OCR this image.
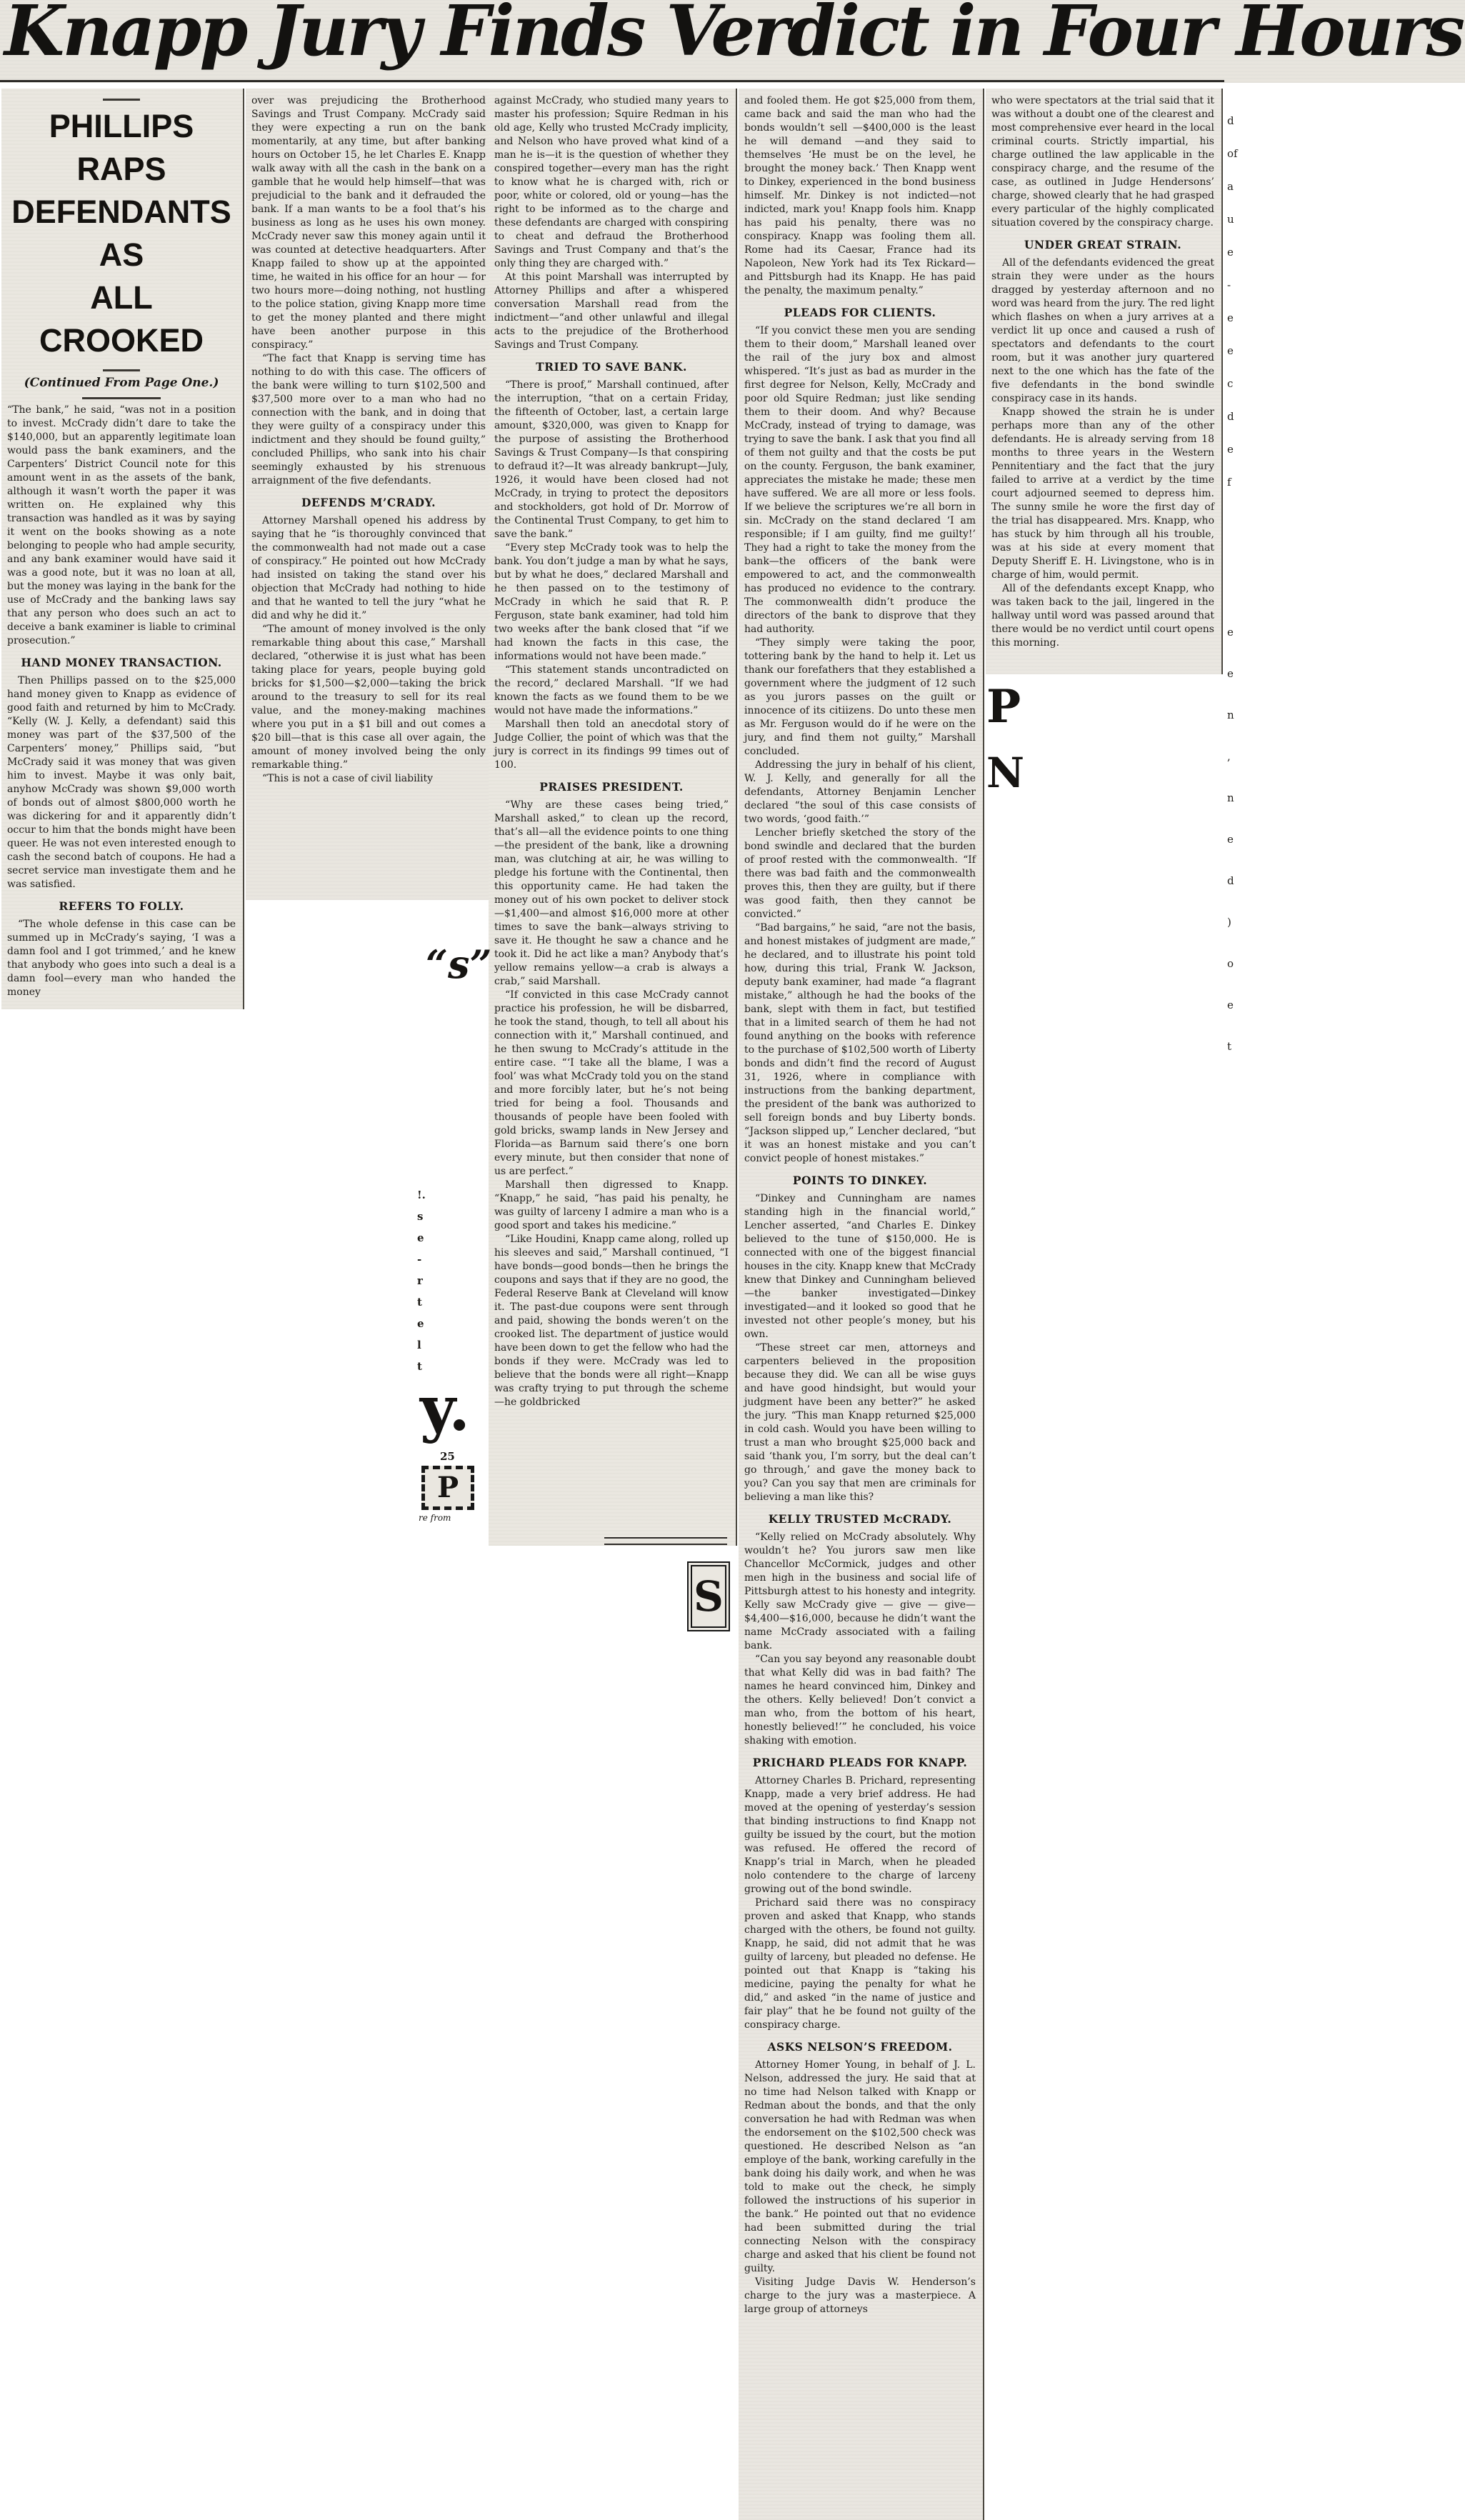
Knapp Jury Finds Verdict in Four Hours
PHILLIPS RAPS
DEFENDANTS AS
ALL CROOKED
(Continued From Page One.)

“The bank,” he said, “was not in a position to invest. McCrady didn’t dare to take the $140,000, but an apparently legitimate loan would pass the bank examiners, and the Carpenters’ District Council note for this amount went in as the assets of the bank, although it wasn’t worth the paper it was written on. He explained why this transaction was handled as it was by saying it went on the books showing as a note belonging to people who had ample security, and any bank examiner would have said it was a good note, but it was no loan at all, but the money was laying in the bank for the use of McCrady and the banking laws say that any person who does such an act to deceive a bank examiner is liable to criminal prosecution.”

HAND MONEY TRANSACTION.

Then Phillips passed on to the $25,000 hand money given to Knapp as evidence of good faith and returned by him to McCrady. “Kelly (W. J. Kelly, a defendant) said this money was part of the $37,500 of the Carpenters’ money,” Phillips said, “but McCrady said it was money that was given him to invest. Maybe it was only bait, anyhow McCrady was shown $9,000 worth of bonds out of almost $800,000 worth he was dickering for and it apparently didn’t occur to him that the bonds might have been queer. He was not even interested enough to cash the second batch of coupons. He had a secret service man investigate them and he was satisfied.

REFERS TO FOLLY.

“The whole defense in this case can be summed up in McCrady’s saying, ‘I was a damn fool and I got trimmed,’ and he knew that anybody who goes into such a deal is a damn fool—every man who handed the money

over was prejudicing the Brotherhood Savings and Trust Company. McCrady said they were expecting a run on the bank momentarily, at any time, but after banking hours on October 15, he let Charles E. Knapp walk away with all the cash in the bank on a gamble that he would help himself—that was prejudicial to the bank and it defrauded the bank. If a man wants to be a fool that’s his business as long as he uses his own money. McCrady never saw this money again until it was counted at detective headquarters. After Knapp failed to show up at the appointed time, he waited in his office for an hour — for two hours more—doing nothing, not hustling to the police station, giving Knapp more time to get the money planted and there might have been another purpose in this conspiracy.”

“The fact that Knapp is serving time has nothing to do with this case. The officers of the bank were willing to turn $102,500 and $37,500 more over to a man who had no connection with the bank, and in doing that they were guilty of a conspiracy under this indictment and they should be found guilty,” concluded Phillips, who sank into his chair seemingly exhausted by his strenuous arraignment of the five defendants.

DEFENDS M’CRADY.

Attorney Marshall opened his address by saying that he “is thoroughly convinced that the commonwealth had not made out a case of conspiracy.” He pointed out how McCrady had insisted on taking the stand over his objection that McCrady had nothing to hide and that he wanted to tell the jury “what he did and why he did it.”

“The amount of money involved is the only remarkable thing about this case,” Marshall declared, “otherwise it is just what has been taking place for years, people buying gold bricks for $1,500—$2,000—taking the brick around to the treasury to sell for its real value, and the money-making machines where you put in a $1 bill and out comes a $20 bill—that is this case all over again, the amount of money involved being the only remarkable thing.”

“This is not a case of civil liability

against McCrady, who studied many years to master his profession; Squire Redman in his old age, Kelly who trusted McCrady implicity, and Nelson who have proved what kind of a man he is—it is the question of whether they conspired together—every man has the right to know what he is charged with, rich or poor, white or colored, old or young—has the right to be informed as to the charge and these defendants are charged with conspiring to cheat and defraud the Brotherhood Savings and Trust Company and that’s the only thing they are charged with.”

At this point Marshall was interrupted by Attorney Phillips and after a whispered conversation Marshall read from the indictment—“and other unlawful and illegal acts to the prejudice of the Brotherhood Savings and Trust Company.

TRIED TO SAVE BANK.

“There is proof,” Marshall continued, after the interruption, “that on a certain Friday, the fifteenth of October, last, a certain large amount, $320,000, was given to Knapp for the purpose of assisting the Brotherhood Savings & Trust Company—Is that conspiring to defraud it?—It was already bankrupt—July, 1926, it would have been closed had not McCrady, in trying to protect the depositors and stockholders, got hold of Dr. Morrow of the Continental Trust Company, to get him to save the bank.”

“Every step McCrady took was to help the bank. You don’t judge a man by what he says, but by what he does,” declared Marshall and he then passed on to the testimony of McCrady in which he said that R. P. Ferguson, state bank examiner, had told him two weeks after the bank closed that “if we had known the facts in this case, the informations would not have been made.”

“This statement stands uncontradicted on the record,” declared Marshall. “If we had known the facts as we found them to be we would not have made the informations.”

Marshall then told an anecdotal story of Judge Collier, the point of which was that the jury is correct in its findings 99 times out of 100.

PRAISES PRESIDENT.

“Why are these cases being tried,” Marshall asked,” to clean up the record, that’s all—all the evidence points to one thing—the president of the bank, like a drowning man, was clutching at air, he was willing to pledge his fortune with the Continental, then this opportunity came. He had taken the money out of his own pocket to deliver stock—$1,400—and almost $16,000 more at other times to save the bank—always striving to save it. He thought he saw a chance and he took it. Did he act like a man? Anybody that’s yellow remains yellow—a crab is always a crab,” said Marshall.

“If convicted in this case McCrady cannot practice his profession, he will be disbarred, he took the stand, though, to tell all about his connection with it,” Marshall continued, and he then swung to McCrady’s attitude in the entire case. “‘I take all the blame, I was a fool’ was what McCrady told you on the stand and more forcibly later, but he’s not being tried for being a fool. Thousands and thousands of people have been fooled with gold bricks, swamp lands in New Jersey and Florida—as Barnum said there’s one born every minute, but then consider that none of us are perfect.”

Marshall then digressed to Knapp. “Knapp,” he said, “has paid his penalty, he was guilty of larceny I admire a man who is a good sport and takes his medicine.”

“Like Houdini, Knapp came along, rolled up his sleeves and said,” Marshall continued, “I have bonds—good bonds—then he brings the coupons and says that if they are no good, the Federal Reserve Bank at Cleveland will know it. The past-due coupons were sent through and paid, showing the bonds weren’t on the crooked list. The department of justice would have been down to get the fellow who had the bonds if they were. McCrady was led to believe that the bonds were all right—Knapp was crafty trying to put through the scheme—he goldbricked

and fooled them. He got $25,000 from them, came back and said the man who had the bonds wouldn’t sell —$400,000 is the least he will demand —and they said to themselves ‘He must be on the level, he brought the money back.’ Then Knapp went to Dinkey, experienced in the bond business himself. Mr. Dinkey is not indicted—not indicted, mark you! Knapp fools him. Knapp has paid his penalty, there was no conspiracy. Knapp was fooling them all. Rome had its Caesar, France had its Napoleon, New York had its Tex Rickard—and Pittsburgh had its Knapp. He has paid the penalty, the maximum penalty.”

PLEADS FOR CLIENTS.

“If you convict these men you are sending them to their doom,” Marshall leaned over the rail of the jury box and almost whispered. “It’s just as bad as murder in the first degree for Nelson, Kelly, McCrady and poor old Squire Redman; just like sending them to their doom. And why? Because McCrady, instead of trying to damage, was trying to save the bank. I ask that you find all of them not guilty and that the costs be put on the county. Ferguson, the bank examiner, appreciates the mistake he made; these men have suffered. We are all more or less fools. If we believe the scriptures we’re all born in sin. McCrady on the stand declared ‘I am responsible; if I am guilty, find me guilty!’ They had a right to take the money from the bank—the officers of the bank were empowered to act, and the commonwealth has produced no evidence to the contrary. The commonwealth didn’t produce the directors of the bank to disprove that they had authority.

“They simply were taking the poor, tottering bank by the hand to help it. Let us thank our forefathers that they established a government where the judgment of 12 such as you jurors passes on the guilt or innocence of its citiizens. Do unto these men as Mr. Ferguson would do if he were on the jury, and find them not guilty,” Marshall concluded.

Addressing the jury in behalf of his client, W. J. Kelly, and generally for all the defendants, Attorney Benjamin Lencher declared “the soul of this case consists of two words, ‘good faith.’”

Lencher briefly sketched the story of the bond swindle and declared that the burden of proof rested with the commonwealth. “If there was bad faith and the commonwealth proves this, then they are guilty, but if there was good faith, then they cannot be convicted.”

“Bad bargains,” he said, “are not the basis, and honest mistakes of judgment are made,” he declared, and to illustrate his point told how, during this trial, Frank W. Jackson, deputy bank examiner, had made “a flagrant mistake,” although he had the books of the bank, slept with them in fact, but testified that in a limited search of them he had not found anything on the books with reference to the purchase of $102,500 worth of Liberty bonds and didn’t find the record of August 31, 1926, where in compliance with instructions from the banking department, the president of the bank was authorized to sell foreign bonds and buy Liberty bonds. “Jackson slipped up,” Lencher declared, “but it was an honest mistake and you can’t convict people of honest mistakes.”

POINTS TO DINKEY.

“Dinkey and Cunningham are names standing high in the financial world,” Lencher asserted, “and Charles E. Dinkey believed to the tune of $150,000. He is connected with one of the biggest financial houses in the city. Knapp knew that McCrady knew that Dinkey and Cunningham believed—the banker investigated—Dinkey investigated—and it looked so good that he invested not other people’s money, but his own.

“These street car men, attorneys and carpenters believed in the proposition because they did. We can all be wise guys and have good hindsight, but would your judgment have been any better?” he asked the jury. “This man Knapp returned $25,000 in cold cash. Would you have been willing to trust a man who brought $25,000 back and said ‘thank you, I’m sorry, but the deal can’t go through,’ and gave the money back to you? Can you say that men are criminals for believing a man like this?

KELLY TRUSTED McCRADY.

“Kelly relied on McCrady absolutely. Why wouldn’t he? You jurors saw men like Chancellor McCormick, judges and other men high in the business and social life of Pittsburgh attest to his honesty and integrity. Kelly saw McCrady give — give — give—$4,400—$16,000, because he didn’t want the name McCrady associated with a failing bank.

“Can you say beyond any reasonable doubt that what Kelly did was in bad faith? The names he heard convinced him, Dinkey and the others. Kelly believed! Don’t convict a man who, from the bottom of his heart, honestly believed!’” he concluded, his voice shaking with emotion.

PRICHARD PLEADS FOR KNAPP.

Attorney Charles B. Prichard, representing Knapp, made a very brief address. He had moved at the opening of yesterday’s session that binding instructions to find Knapp not guilty be issued by the court, but the motion was refused. He offered the record of Knapp’s trial in March, when he pleaded nolo contendere to the charge of larceny growing out of the bond swindle.

Prichard said there was no conspiracy proven and asked that Knapp, who stands charged with the others, be found not guilty. Knapp, he said, did not admit that he was guilty of larceny, but pleaded no defense. He pointed out that Knapp is “taking his medicine, paying the penalty for what he did,” and asked “in the name of justice and fair play” that he be found not guilty of the conspiracy charge.

ASKS NELSON’S FREEDOM.

Attorney Homer Young, in behalf of J. L. Nelson, addressed the jury. He said that at no time had Nelson talked with Knapp or Redman about the bonds, and that the only conversation he had with Redman was when the endorsement on the $102,500 check was questioned. He described Nelson as “an employe of the bank, working carefully in the bank doing his daily work, and when he was told to make out the check, he simply followed the instructions of his superior in the bank.” He pointed out that no evidence had been submitted during the trial connecting Nelson with the conspiracy charge and asked that his client be found not guilty.

Visiting Judge Davis W. Henderson’s charge to the jury was a masterpiece. A large group of attorneys

who were spectators at the trial said that it was without a doubt one of the clearest and most comprehensive ever heard in the local criminal courts. Strictly impartial, his charge outlined the law applicable in the conspiracy charge, and the resume of the case, as outlined in Judge Hendersons’ charge, showed clearly that he had grasped every particular of the highly complicated situation covered by the conspiracy charge.

UNDER GREAT STRAIN.

All of the defendants evidenced the great strain they were under as the hours dragged by yesterday afternoon and no word was heard from the jury. The red light which flashes on when a jury arrives at a verdict lit up once and caused a rush of spectators and defendants to the court room, but it was another jury quartered next to the one which has the fate of the five defendants in the bond swindle conspiracy case in its hands.

Knapp showed the strain he is under perhaps more than any of the other defendants. He is already serving from 18 months to three years in the Western Pennitentiary and the fact that the jury failed to arrive at a verdict by the time court adjourned seemed to depress him. The sunny smile he wore the first day of the trial has disappeared. Mrs. Knapp, who has stuck by him through all his trouble, was at his side at every moment that Deputy Sheriff E. H. Livingstone, who is in charge of him, would permit.

All of the defendants except Knapp, who was taken back to the jail, lingered in the hallway until word was passed around that there would be no verdict until court opens this morning.

“s”
y.
25
P
re from
S
P
N
!.
s
e
-
r
t
e
l
t
d
of
a
u
e
-
e
e
c
d
e
f
e
e
n
,
n
e
d
)
o
e
t
